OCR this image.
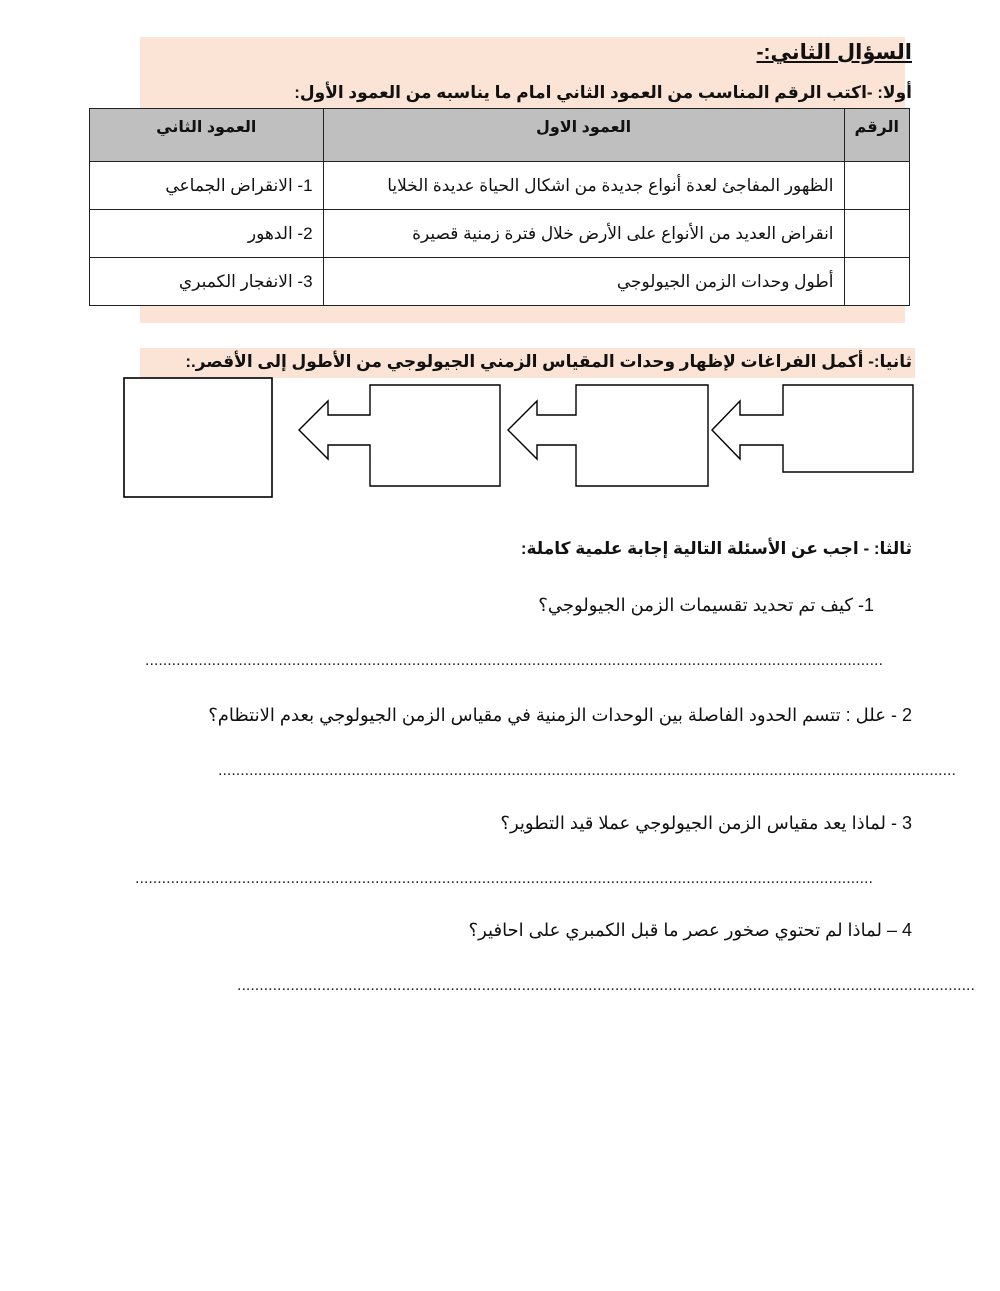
السؤال الثاني:-
أولا: -اكتب الرقم المناسب من العمود الثاني امام ما يناسبه من العمود الأول:
الرقم	العمود الاول	العمود الثاني
	الظهور المفاجئ لعدة أنواع جديدة من اشكال الحياة عديدة الخلايا	1- الانقراض الجماعي
	انقراض العديد من الأنواع على الأرض خلال فترة زمنية قصيرة	2- الدهور
	أطول وحدات الزمن الجيولوجي	3- الانفجار الكمبري
ثانيا:- أكمل الفراغات لإظهار وحدات المقياس الزمني الجيولوجي من الأطول إلى الأقصر.:
ثالثا: - اجب عن الأسئلة التالية إجابة علمية كاملة:
1- كيف تم تحديد تقسيمات الزمن الجيولوجي؟
......................................................................................................................................................................
2 - علل : تتسم الحدود الفاصلة بين الوحدات الزمنية في مقياس الزمن الجيولوجي بعدم الانتظام؟
......................................................................................................................................................................
3 - لماذا يعد مقياس الزمن الجيولوجي عملا قيد التطوير؟
......................................................................................................................................................................
4 – لماذا لم تحتوي صخور عصر ما قبل الكمبري على احافير؟
......................................................................................................................................................................
